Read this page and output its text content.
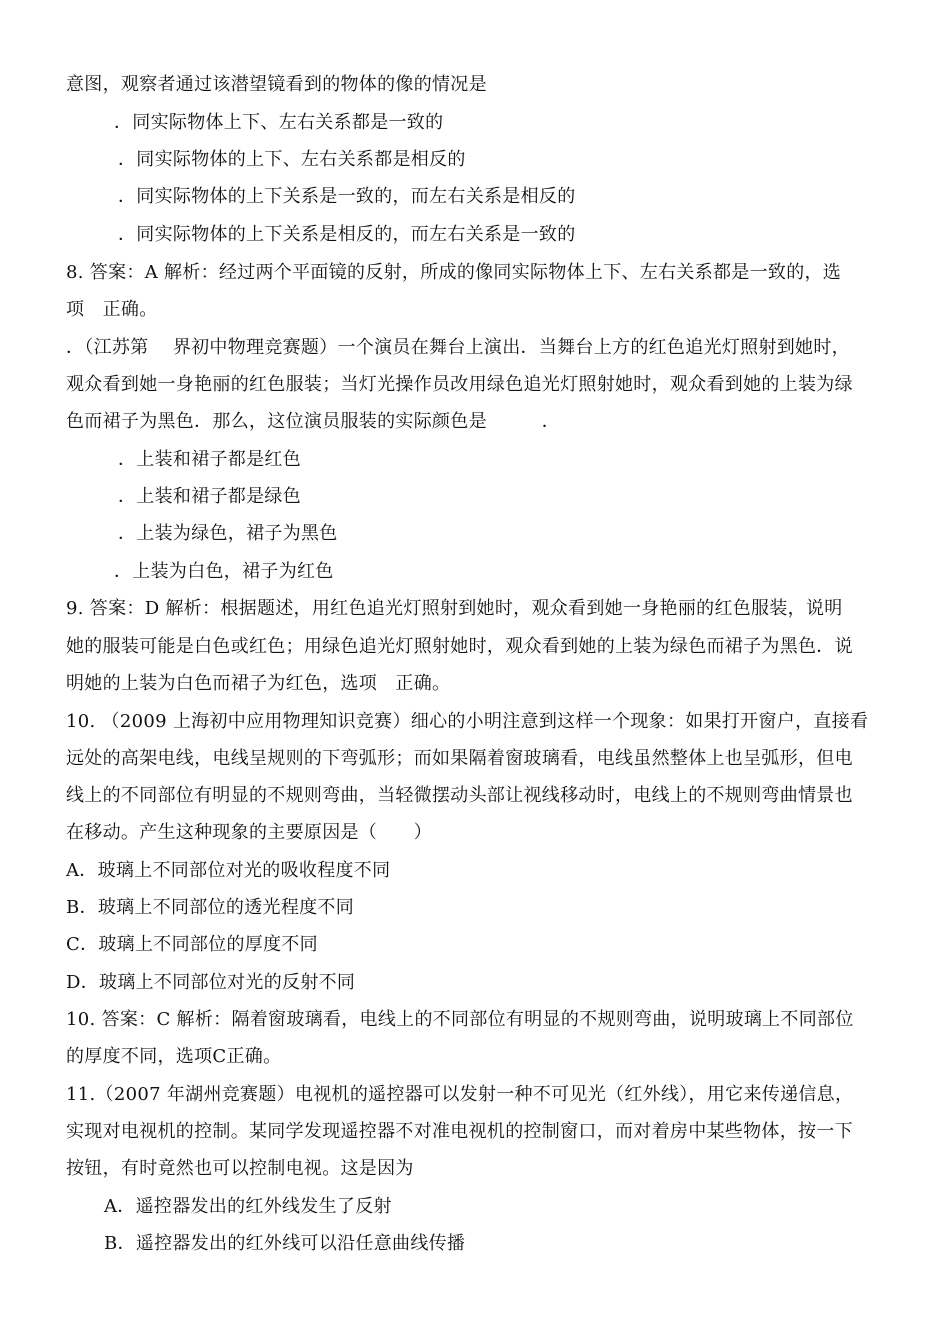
意图，观察者通过该潜望镜看到的物体的像的情况是
．同实际物体上下、左右关系都是一致的
．同实际物体的上下、左右关系都是相反的
．同实际物体的上下关系是一致的，而左右关系是相反的
．同实际物体的上下关系是相反的，而左右关系是一致的
8. 答案：A 解析：经过两个平面镜的反射，所成的像同实际物体上下、左右关系都是一致的，选
项　正确。
．（江苏第　 界初中物理竞赛题）一个演员在舞台上演出．当舞台上方的红色追光灯照射到她时，
观众看到她一身艳丽的红色服装；当灯光操作员改用绿色追光灯照射她时，观众看到她的上装为绿
色而裙子为黑色．那么，这位演员服装的实际颜色是　　　．
．上装和裙子都是红色
．上装和裙子都是绿色
．上装为绿色，裙子为黑色
．上装为白色，裙子为红色
9. 答案：D 解析：根据题述，用红色追光灯照射到她时，观众看到她一身艳丽的红色服装，说明
她的服装可能是白色或红色；用绿色追光灯照射她时，观众看到她的上装为绿色而裙子为黑色．说
明她的上装为白色而裙子为红色，选项　正确。
10. （2009 上海初中应用物理知识竞赛）细心的小明注意到这样一个现象：如果打开窗户，直接看
远处的高架电线，电线呈规则的下弯弧形；而如果隔着窗玻璃看，电线虽然整体上也呈弧形，但电
线上的不同部位有明显的不规则弯曲，当轻微摆动头部让视线移动时，电线上的不规则弯曲情景也
在移动。产生这种现象的主要原因是（　　）
A．玻璃上不同部位对光的吸收程度不同
B．玻璃上不同部位的透光程度不同
C．玻璃上不同部位的厚度不同
D．玻璃上不同部位对光的反射不同
10. 答案：C 解析：隔着窗玻璃看，电线上的不同部位有明显的不规则弯曲，说明玻璃上不同部位
的厚度不同，选项C正确。
11.（2007 年湖州竞赛题）电视机的遥控器可以发射一种不可见光（红外线），用它来传递信息，
实现对电视机的控制。某同学发现遥控器不对准电视机的控制窗口，而对着房中某些物体，按一下
按钮，有时竟然也可以控制电视。这是因为
A．遥控器发出的红外线发生了反射
B．遥控器发出的红外线可以沿任意曲线传播
